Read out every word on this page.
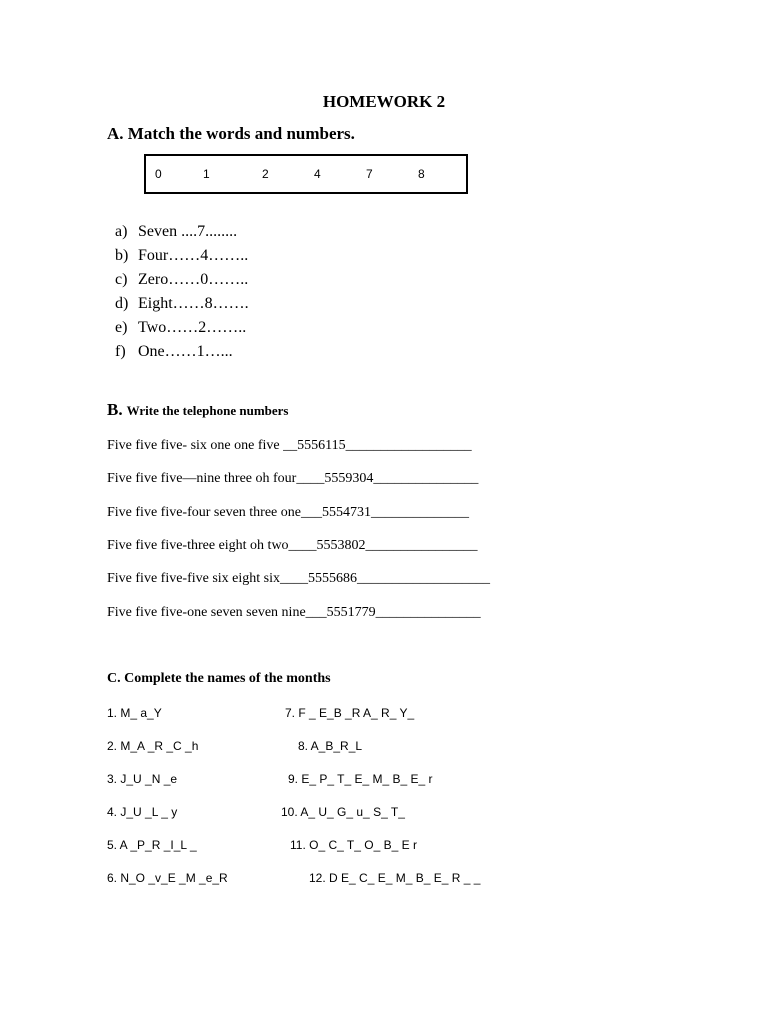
HOMEWORK 2
A. Match the words and numbers.
0	1	2	4	7	8
a) Seven ....7........
b) Four……4……..
c) Zero……0……..
d) Eight……8…….
e) Two……2……..
f) One……1…...
B. Write the telephone numbers
Five five five- six one one five __5556115__________________
Five five five—nine three oh four____5559304_______________
Five five five-four seven three one___5554731______________
Five five five-three eight oh two____5553802________________
Five five five-five six eight six____5555686___________________
Five five five-one seven seven nine___5551779_______________
C. Complete the names of the months
1. M_ a_Y
2. M_A _R _C _h
3. J_U _N _e
4. J_U _L _ y
5. A _P_R _I_L _
6. N_O _v_E _M _e_R
7. F _ E_B _R A_ R_ Y_
8. A_B_R_L
9. E_ P_ T_ E_ M_ B_ E_ r
10. A_ U_ G_ u_ S_ T_
11. O_ C_ T_ O_ B_ E r
12. D E_ C_ E_ M_ B_ E_ R _ _
